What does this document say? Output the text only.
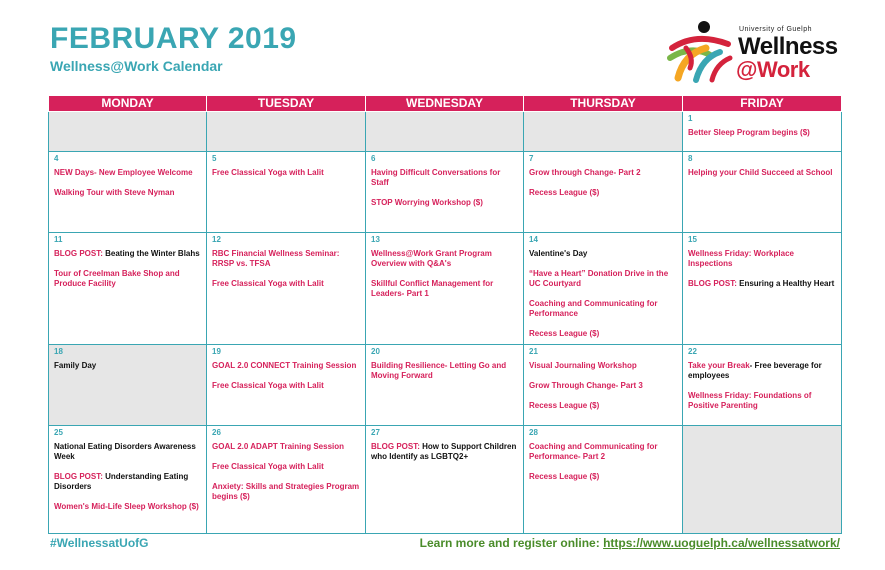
FEBRUARY 2019
Wellness@Work Calendar
University of Guelph
Wellness
@Work
MONDAY	TUESDAY	WEDNESDAY	THURSDAY	FRIDAY

				1
Better Sleep Program begins ($)

4
NEW Days- New Employee Welcome
Walking Tour with Steve Nyman	5
Free Classical Yoga with Lalit	6
Having Difficult Conversations for Staff
STOP Worrying Workshop ($)	7
Grow through Change- Part 2
Recess League ($)	8
Helping your Child Succeed at School

11
BLOG POST: Beating the Winter Blahs
Tour of Creelman Bake Shop and Produce Facility	12
RBC Financial Wellness Seminar: RRSP vs. TFSA
Free Classical Yoga with Lalit	13
Wellness@Work Grant Program Overview with Q&A's
Skillful Conflict Management for Leaders- Part 1	14
Valentine's Day
“Have a Heart” Donation Drive in the UC Courtyard
Coaching and Communicating for Performance
Recess League ($)	15
Wellness Friday: Workplace Inspections
BLOG POST: Ensuring a Healthy Heart

18
Family Day	19
GOAL 2.0 CONNECT Training Session
Free Classical Yoga with Lalit	20
Building Resilience- Letting Go and Moving Forward	21
Visual Journaling Workshop
Grow Through Change- Part 3
Recess League ($)	22
Take your Break- Free beverage for employees
Wellness Friday: Foundations of Positive Parenting

25
National Eating Disorders Awareness Week
BLOG POST: Understanding Eating Disorders
Women's Mid-Life Sleep Workshop ($)	26
GOAL 2.0 ADAPT Training Session
Free Classical Yoga with Lalit
Anxiety: Skills and Strategies Program begins ($)	27
BLOG POST: How to Support Children who Identify as LGBTQ2+	28
Coaching and Communicating for Performance- Part 2
Recess League ($)	

#WellnessatUofG	Learn more and register online: https://www.uoguelph.ca/wellnessatwork/
